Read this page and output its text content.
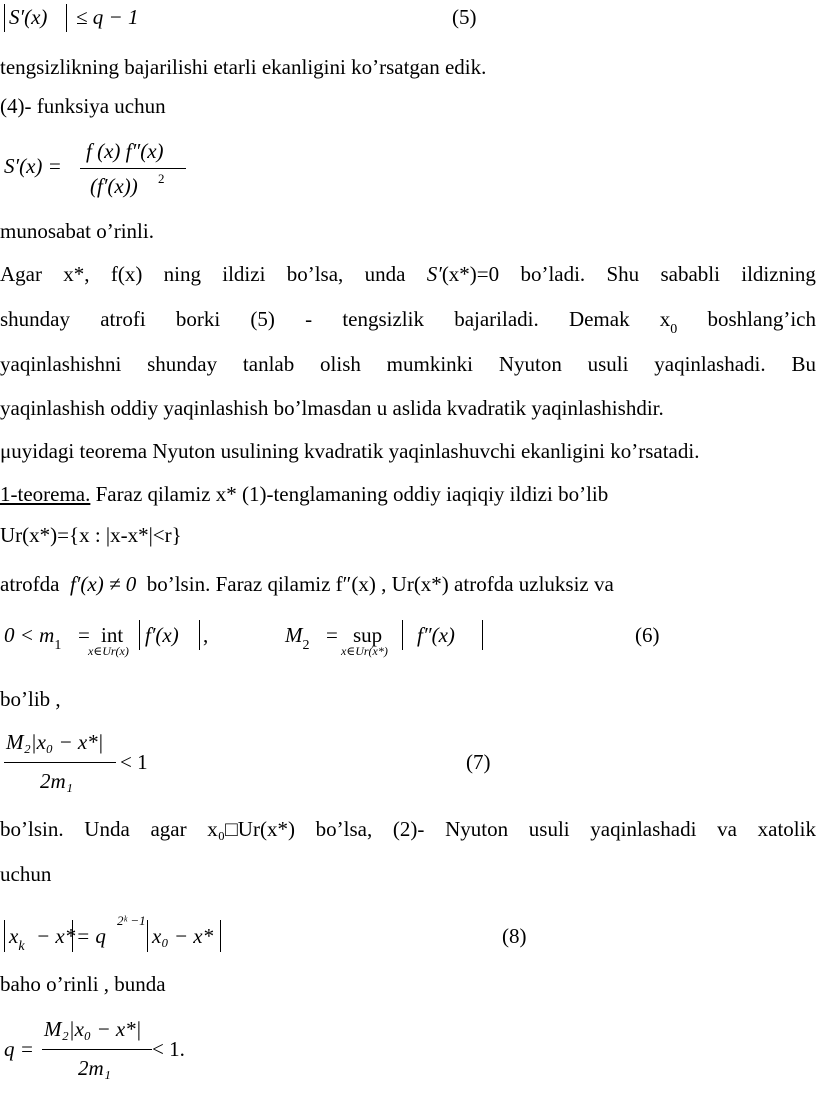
S′(x) ≤ q − 1	(5)
tengsizlikning bajarilishi etarli ekanligini ko’rsatgan edik.
(4)- funksiya uchun
S′(x) =
f (x) f″(x)
(f′(x)) 2
munosabat o’rinli.
Agar x*, f(x) ning ildizi bo’lsa, unda S′(x*)=0 bo’ladi. Shu sababli ildizning
shunday atrofi borki (5) - tengsizlik bajariladi. Demak $x_0$ boshlang’ich
yaqinlashishni shunday tanlab olish mumkinki Nyuton usuli yaqinlashadi. Bu
yaqinlashish oddiy yaqinlashish bo’lmasdan u aslida kvadratik yaqinlashishdir.
μuyidagi teorema Nyuton usulining kvadratik yaqinlashuvchi ekanligini ko’rsatadi.
1-teorema. Faraz qilamiz x* (1)-tenglamaning oddiy iaqiqiy ildizi bo’lib
Ur(x*)={x : |x-x*|<r}
atrofda f′(x) ≠ 0 bo’lsin. Faraz qilamiz f″(x) , Ur(x*) atrofda uzluksiz va
$0 < m_1$ = int
x∈Ur(x)
f′(x) ,	$M_2$ = sup
x∈Ur(x*)
f″(x)	(6)
bo’lib ,
M₂|x₀ − x*|
2m₁
< 1	(7)
bo’lsin. Unda agar x₀□Ur(x*) bo’lsa, (2)- Nyuton usuli yaqinlashadi va xatolik
uchun
$x_k - x* = q$
2ᵏ −1
x₀ − x*	(8)
baho o’rinli , bunda
q =
M₂|x₀ − x*|
2m₁
< 1.
